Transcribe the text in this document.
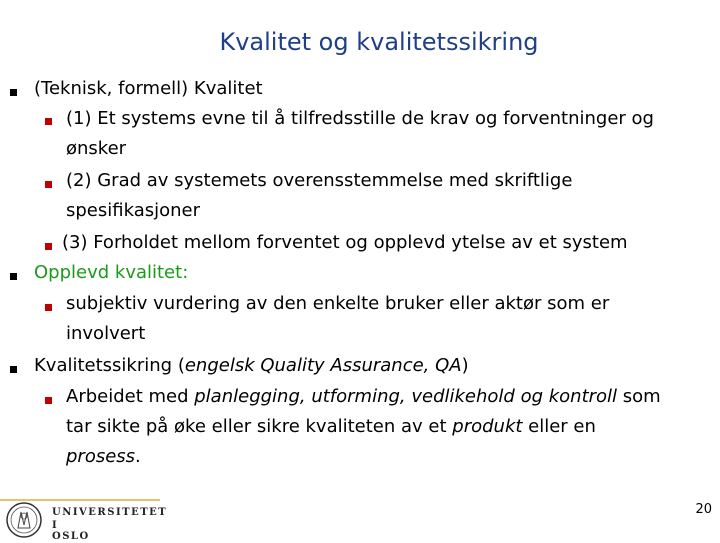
Kvalitet og kvalitetssikring
(Teknisk, formell) Kvalitet
(1) Et systems evne til å tilfredsstille de krav og forventninger og
ønsker
(2) Grad av systemets overensstemmelse med skriftlige
spesifikasjoner
(3) Forholdet mellom forventet og opplevd ytelse av et system
Opplevd kvalitet:
subjektiv vurdering av den enkelte bruker eller aktør som er
involvert
Kvalitetssikring (engelsk Quality Assurance, QA)
Arbeidet med planlegging, utforming, vedlikehold og kontroll som
tar sikte på øke eller sikre kvaliteten av et produkt eller en
prosess.
UNIVERSITETET
I OSLO
20
